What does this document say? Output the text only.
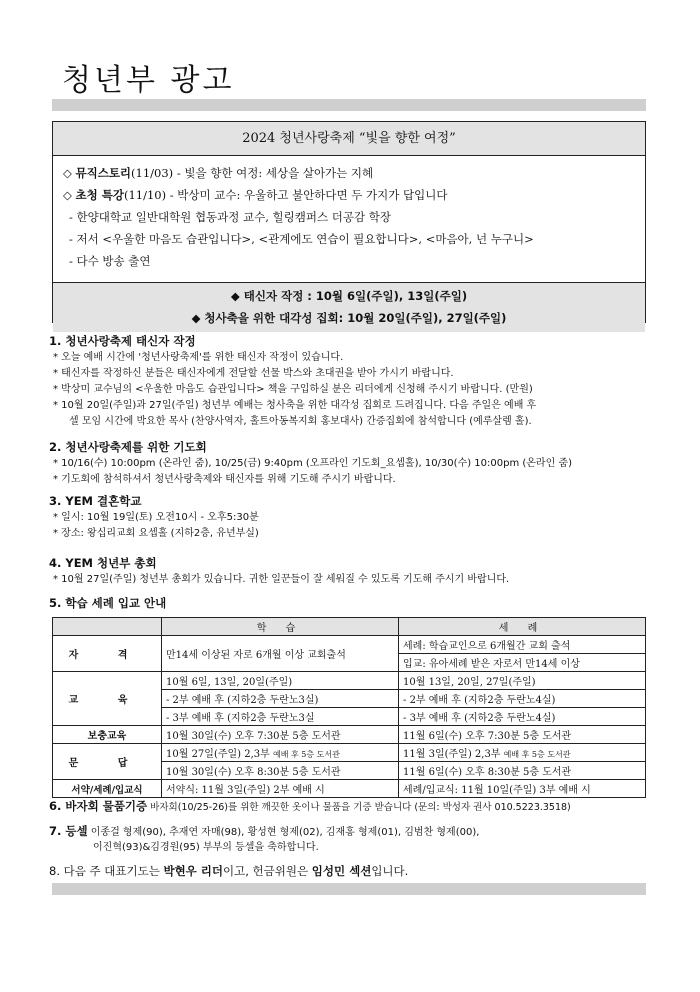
청년부 광고
2024 청년사랑축제 “빛을 향한 여정”
◇ 뮤직스토리(11/03) - 빛을 향한 여정: 세상을 살아가는 지혜
◇ 초청 특강(11/10) - 박상미 교수: 우울하고 불안하다면 두 가지가 답입니다
- 한양대학교 일반대학원 협동과정 교수, 힐링캠퍼스 더공감 학장
- 저서 <우울한 마음도 습관입니다>, <관계에도 연습이 필요합니다>, <마음아, 넌 누구니>
- 다수 방송 출연
◆ 태신자 작정 : 10월 6일(주일), 13일(주일)
◆ 청사축을 위한 대각성 집회: 10월 20일(주일), 27일(주일)
1. 청년사랑축제 태신자 작정
* 오늘 예배 시간에 '청년사랑축제'를 위한 태신자 작정이 있습니다.
* 태신자를 작정하신 분들은 태신자에게 전달할 선물 박스와 초대권을 받아 가시기 바랍니다.
* 박상미 교수님의 <우울한 마음도 습관입니다> 책을 구입하실 분은 리더에게 신청해 주시기 바랍니다. (만원)
* 10월 20일(주일)과 27일(주일) 청년부 예배는 청사축을 위한 대각성 집회로 드려집니다. 다음 주일은 예배 후
셀 모임 시간에 박요한 목사 (찬양사역자, 홀트아동복지회 홍보대사) 간증집회에 참석합니다 (예루살렘 홀).
2. 청년사랑축제를 위한 기도회
* 10/16(수) 10:00pm (온라인 줌), 10/25(금) 9:40pm (오프라인 기도회_요셉홀), 10/30(수) 10:00pm (온라인 줌)
* 기도회에 참석하셔서 청년사랑축제와 태신자를 위해 기도해 주시기 바랍니다.
3. YEM 결혼학교
* 일시: 10월 19일(토) 오전10시 - 오후5:30분
* 장소: 왕십리교회 요셉홀 (지하2층, 유년부실)
4. YEM 청년부 총회
* 10월 27일(주일) 청년부 총회가 있습니다. 귀한 일꾼들이 잘 세워질 수 있도록 기도해 주시기 바랍니다.
5. 학습 세례 입교 안내
	학 습	세 례
자 격	만14세 이상된 자로 6개월 이상 교회출석	세례: 학습교인으로 6개월간 교회 출석
		입교: 유아세례 받은 자로서 만14세 이상
교 육	10월 6일, 13일, 20일(주일)	10월 13일, 20일, 27일(주일)
	- 2부 예배 후 (지하2층 두란노3실)	- 2부 예배 후 (지하2층 두란노4실)
	- 3부 예배 후 (지하2층 두란노3실	- 3부 예배 후 (지하2층 두란노4실)
보충교육	10월 30일(수) 오후 7:30분 5층 도서관	11월 6일(수) 오후 7:30분 5층 도서관
문 답	10월 27일(주일) 2,3부 예배 후 5층 도서관	11월 3일(주일) 2,3부 예배 후 5층 도서관
	10월 30일(수) 오후 8:30분 5층 도서관	11월 6일(수) 오후 8:30분 5층 도서관
서약/세례/입교식	서약식: 11월 3일(주일) 2부 예배 시	세례/입교식: 11월 10일(주일) 3부 예배 시
6. 바자회 물품기증 바자회(10/25-26)를 위한 깨끗한 옷이나 물품을 기증 받습니다 (문의: 박성자 권사 010.5223.3518)
7. 등셀 이종걸 형제(90), 추재연 자매(98), 황성현 형제(02), 김재홍 형제(01), 김범찬 형제(00),
이진혁(93)&김경원(95) 부부의 등셀을 축하합니다.
8. 다음 주 대표기도는 박현우 리더이고, 헌금위원은 임성민 섹션입니다.
